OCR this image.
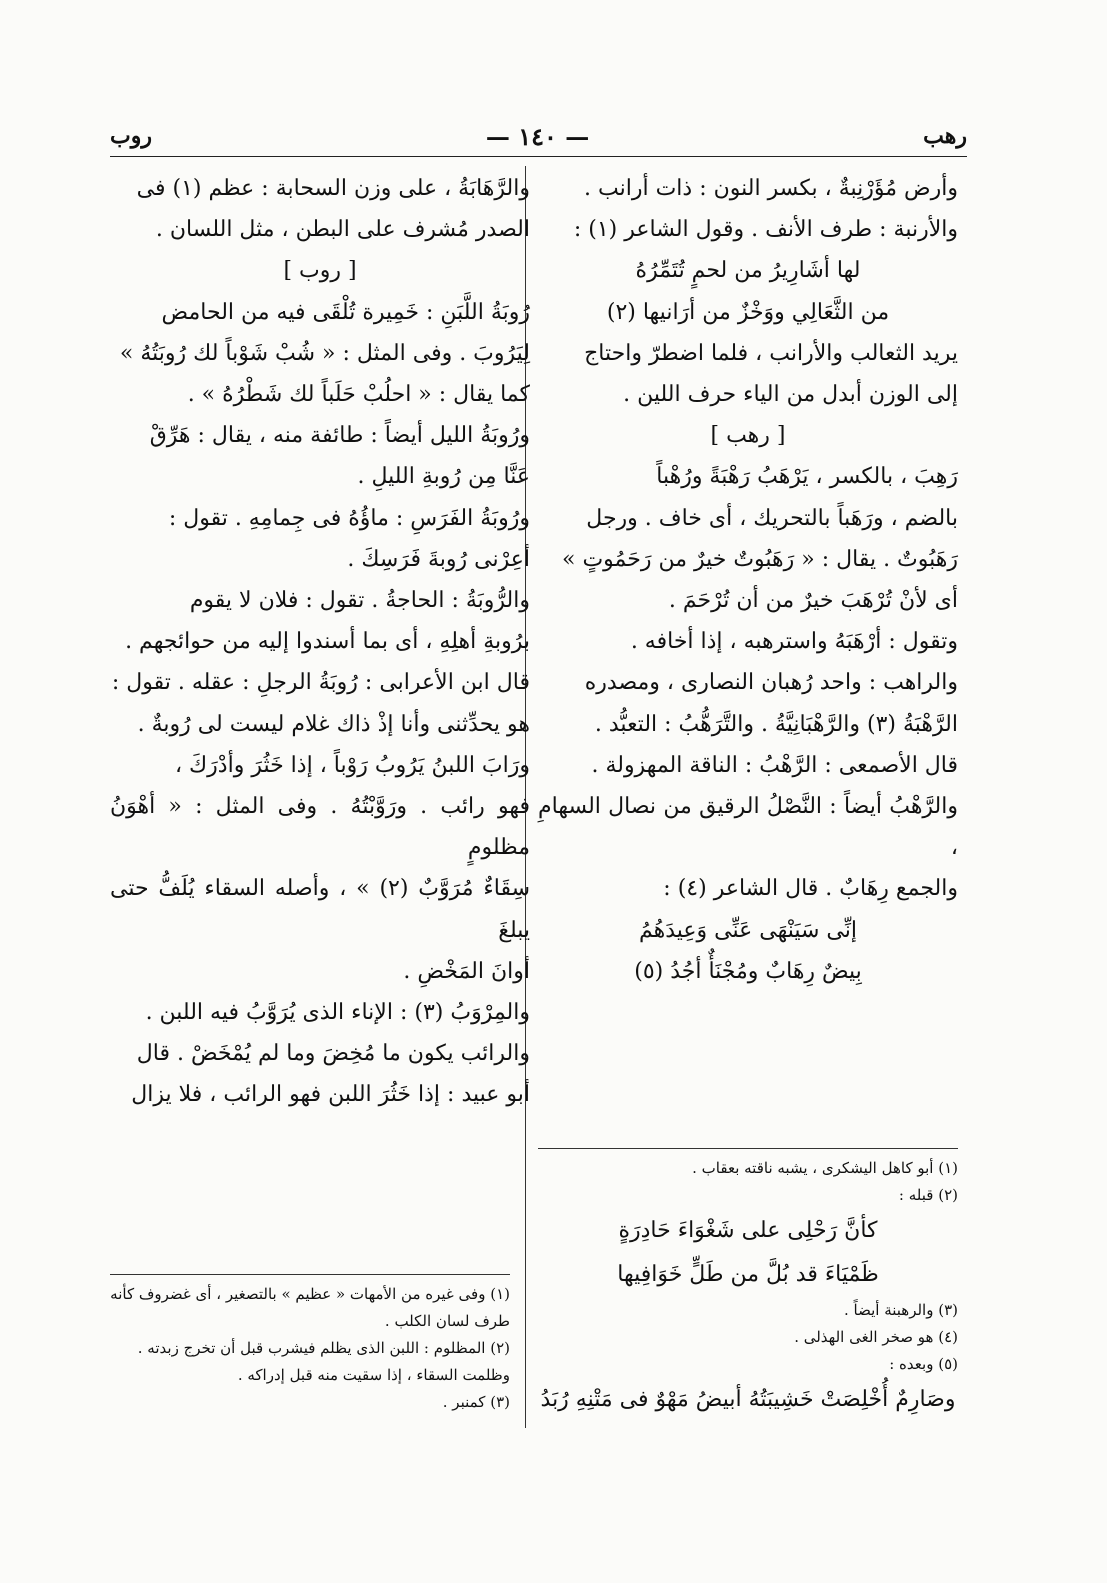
رهب
— ١٤٠ —
روب

وأرض مُؤَرْنِبةٌ ، بكسر النون : ذات أرانب .

والأرنبة : طرف الأنف . وقول الشاعر (١) :

لها أشَارِيرُ من لحمٍ تُتَمِّرُهُ

من الثَّعَالِي ووَخْزٌ من أرَانيها (٢)

يريد الثعالب والأرانب ، فلما اضطرّ واحتاج

إلى الوزن أبدل من الياء حرف اللين .

[ رهب ]

رَهِبَ ، بالكسر ، يَرْهَبُ رَهْبَةً ورُهْباً

بالضم ، ورَهَباً بالتحريك ، أى خاف . ورجل

رَهَبُوتٌ . يقال : « رَهَبُوتٌ خيرٌ من رَحَمُوتٍ »

أى لأنْ تُرْهَبَ خيرٌ من أن تُرْحَمَ .

وتقول : أرْهَبَهُ واسترهبه ، إذا أخافه .

والراهب : واحد رُهبان النصارى ، ومصدره

الرَّهْبَةُ (٣) والرَّهْبَانِيَّةُ . والتَّرَهُّبُ : التعبُّد .

قال الأصمعى : الرَّهْبُ : الناقة المهزولة .

والرَّهْبُ أيضاً : النَّصْلُ الرقيق من نصال السهامِ ،

والجمع رِهَابٌ . قال الشاعر (٤) :

إنِّى سَيَنْهَى عَنِّى وَعِيدَهُمُ

بِيضٌ رِهَابٌ ومُجْنَأٌ أجُدُ (٥)

والرَّهَابَةُ ، على وزن السحابة : عظم (١) فى

الصدر مُشرف على البطن ، مثل اللسان .

[ روب ]

رُوبَةُ اللَّبَنِ : خَمِيرة تُلْقَى فيه من الحامض

لِيَرُوبَ . وفى المثل : « شُبْ شَوْباً لك رُوبَتُهُ »

كما يقال : « احلُبْ حَلَباً لك شَطْرُهُ » .

ورُوبَةُ الليل أيضاً : طائفة منه ، يقال : هَرِّقْ

عَنَّا مِن رُوبةِ الليلِ .

ورُوبَةُ الفَرَسِ : ماؤُهُ فى جِمامِهِ . تقول :

أعِرْنى رُوبةَ فَرَسِكَ .

والرُّوبَةُ : الحاجةُ . تقول : فلان لا يقوم

برُوبةِ أهلِهِ ، أى بما أسندوا إليه من حوائجهم .

قال ابن الأعرابى : رُوبَةُ الرجلِ : عقله . تقول :

هو يحدِّثنى وأنا إذْ ذاك غلام ليست لى رُوبةٌ .

ورَابَ اللبنُ يَرُوبُ رَوْباً ، إذا خَثُرَ وأدْرَكَ ،

فهو رائب . ورَوَّبْتُهُ . وفى المثل : « أهْوَنُ مظلومٍ

سِقَاءٌ مُرَوَّبٌ (٢) » ، وأصله السقاء يُلَفُّ حتى يبلغَ

أوانَ المَخْضِ .

والمِرْوَبُ (٣) : الإناء الذى يُرَوَّبُ فيه اللبن .

والرائب يكون ما مُخِضَ وما لم يُمْخَضْ . قال

أبو عبيد : إذا خَثُرَ اللبن فهو الرائب ، فلا يزال

(١) وفى غيره من الأمهات « عظيم » بالتصغير ، أى غضروف كأنه طرف لسان الكلب .

(٢) المظلوم : اللبن الذى يظلم فيشرب قبل أن تخرج زبدته . وظلمت السقاء ، إذا سقيت منه قبل إدراكه .

(٣) كمنبر .

(١) أبو كاهل اليشكرى ، يشبه ناقته بعقاب .

(٢) قبله :

كأنَّ رَحْلِى على شَغْوَاءَ حَادِرَةٍ

ظَمْيَاءَ قد بُلَّ من طَلٍّ خَوَافِيها

(٣) والرهبنة أيضاً .

(٤) هو صخر الغى الهذلى .

(٥) وبعده :

وصَارِمٌ أُخْلِصَتْ خَشِيبَتُهُ أبيضُ مَهْوٌ فى مَتْنِهِ رُبَدُ
